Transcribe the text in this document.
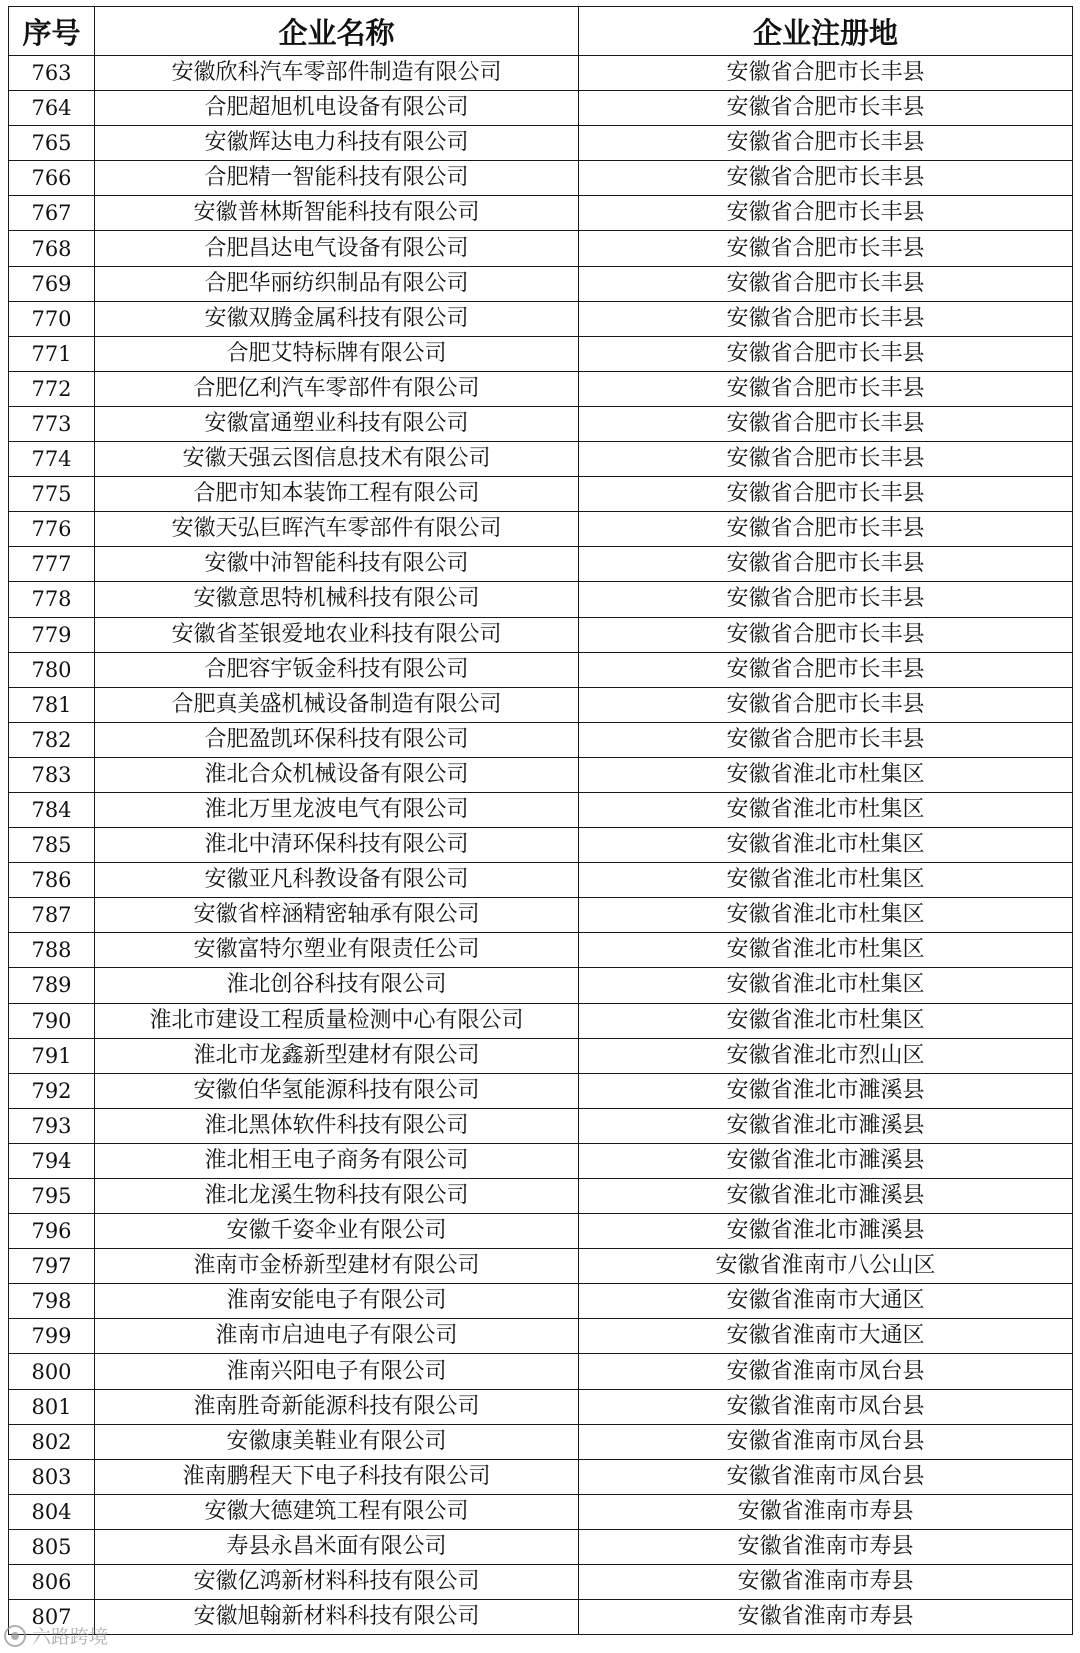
序号	企业名称	企业注册地
763	安徽欣科汽车零部件制造有限公司	安徽省合肥市长丰县
764	合肥超旭机电设备有限公司	安徽省合肥市长丰县
765	安徽辉达电力科技有限公司	安徽省合肥市长丰县
766	合肥精一智能科技有限公司	安徽省合肥市长丰县
767	安徽普林斯智能科技有限公司	安徽省合肥市长丰县
768	合肥昌达电气设备有限公司	安徽省合肥市长丰县
769	合肥华丽纺织制品有限公司	安徽省合肥市长丰县
770	安徽双腾金属科技有限公司	安徽省合肥市长丰县
771	合肥艾特标牌有限公司	安徽省合肥市长丰县
772	合肥亿利汽车零部件有限公司	安徽省合肥市长丰县
773	安徽富通塑业科技有限公司	安徽省合肥市长丰县
774	安徽天强云图信息技术有限公司	安徽省合肥市长丰县
775	合肥市知本装饰工程有限公司	安徽省合肥市长丰县
776	安徽天弘巨晖汽车零部件有限公司	安徽省合肥市长丰县
777	安徽中沛智能科技有限公司	安徽省合肥市长丰县
778	安徽意思特机械科技有限公司	安徽省合肥市长丰县
779	安徽省荃银爱地农业科技有限公司	安徽省合肥市长丰县
780	合肥容宇钣金科技有限公司	安徽省合肥市长丰县
781	合肥真美盛机械设备制造有限公司	安徽省合肥市长丰县
782	合肥盈凯环保科技有限公司	安徽省合肥市长丰县
783	淮北合众机械设备有限公司	安徽省淮北市杜集区
784	淮北万里龙波电气有限公司	安徽省淮北市杜集区
785	淮北中清环保科技有限公司	安徽省淮北市杜集区
786	安徽亚凡科教设备有限公司	安徽省淮北市杜集区
787	安徽省梓涵精密轴承有限公司	安徽省淮北市杜集区
788	安徽富特尔塑业有限责任公司	安徽省淮北市杜集区
789	淮北创谷科技有限公司	安徽省淮北市杜集区
790	淮北市建设工程质量检测中心有限公司	安徽省淮北市杜集区
791	淮北市龙鑫新型建材有限公司	安徽省淮北市烈山区
792	安徽伯华氢能源科技有限公司	安徽省淮北市濉溪县
793	淮北黑体软件科技有限公司	安徽省淮北市濉溪县
794	淮北相王电子商务有限公司	安徽省淮北市濉溪县
795	淮北龙溪生物科技有限公司	安徽省淮北市濉溪县
796	安徽千姿伞业有限公司	安徽省淮北市濉溪县
797	淮南市金桥新型建材有限公司	安徽省淮南市八公山区
798	淮南安能电子有限公司	安徽省淮南市大通区
799	淮南市启迪电子有限公司	安徽省淮南市大通区
800	淮南兴阳电子有限公司	安徽省淮南市凤台县
801	淮南胜奇新能源科技有限公司	安徽省淮南市凤台县
802	安徽康美鞋业有限公司	安徽省淮南市凤台县
803	淮南鹏程天下电子科技有限公司	安徽省淮南市凤台县
804	安徽大德建筑工程有限公司	安徽省淮南市寿县
805	寿县永昌米面有限公司	安徽省淮南市寿县
806	安徽亿鸿新材料科技有限公司	安徽省淮南市寿县
807	安徽旭翰新材料科技有限公司	安徽省淮南市寿县
六路跨境
